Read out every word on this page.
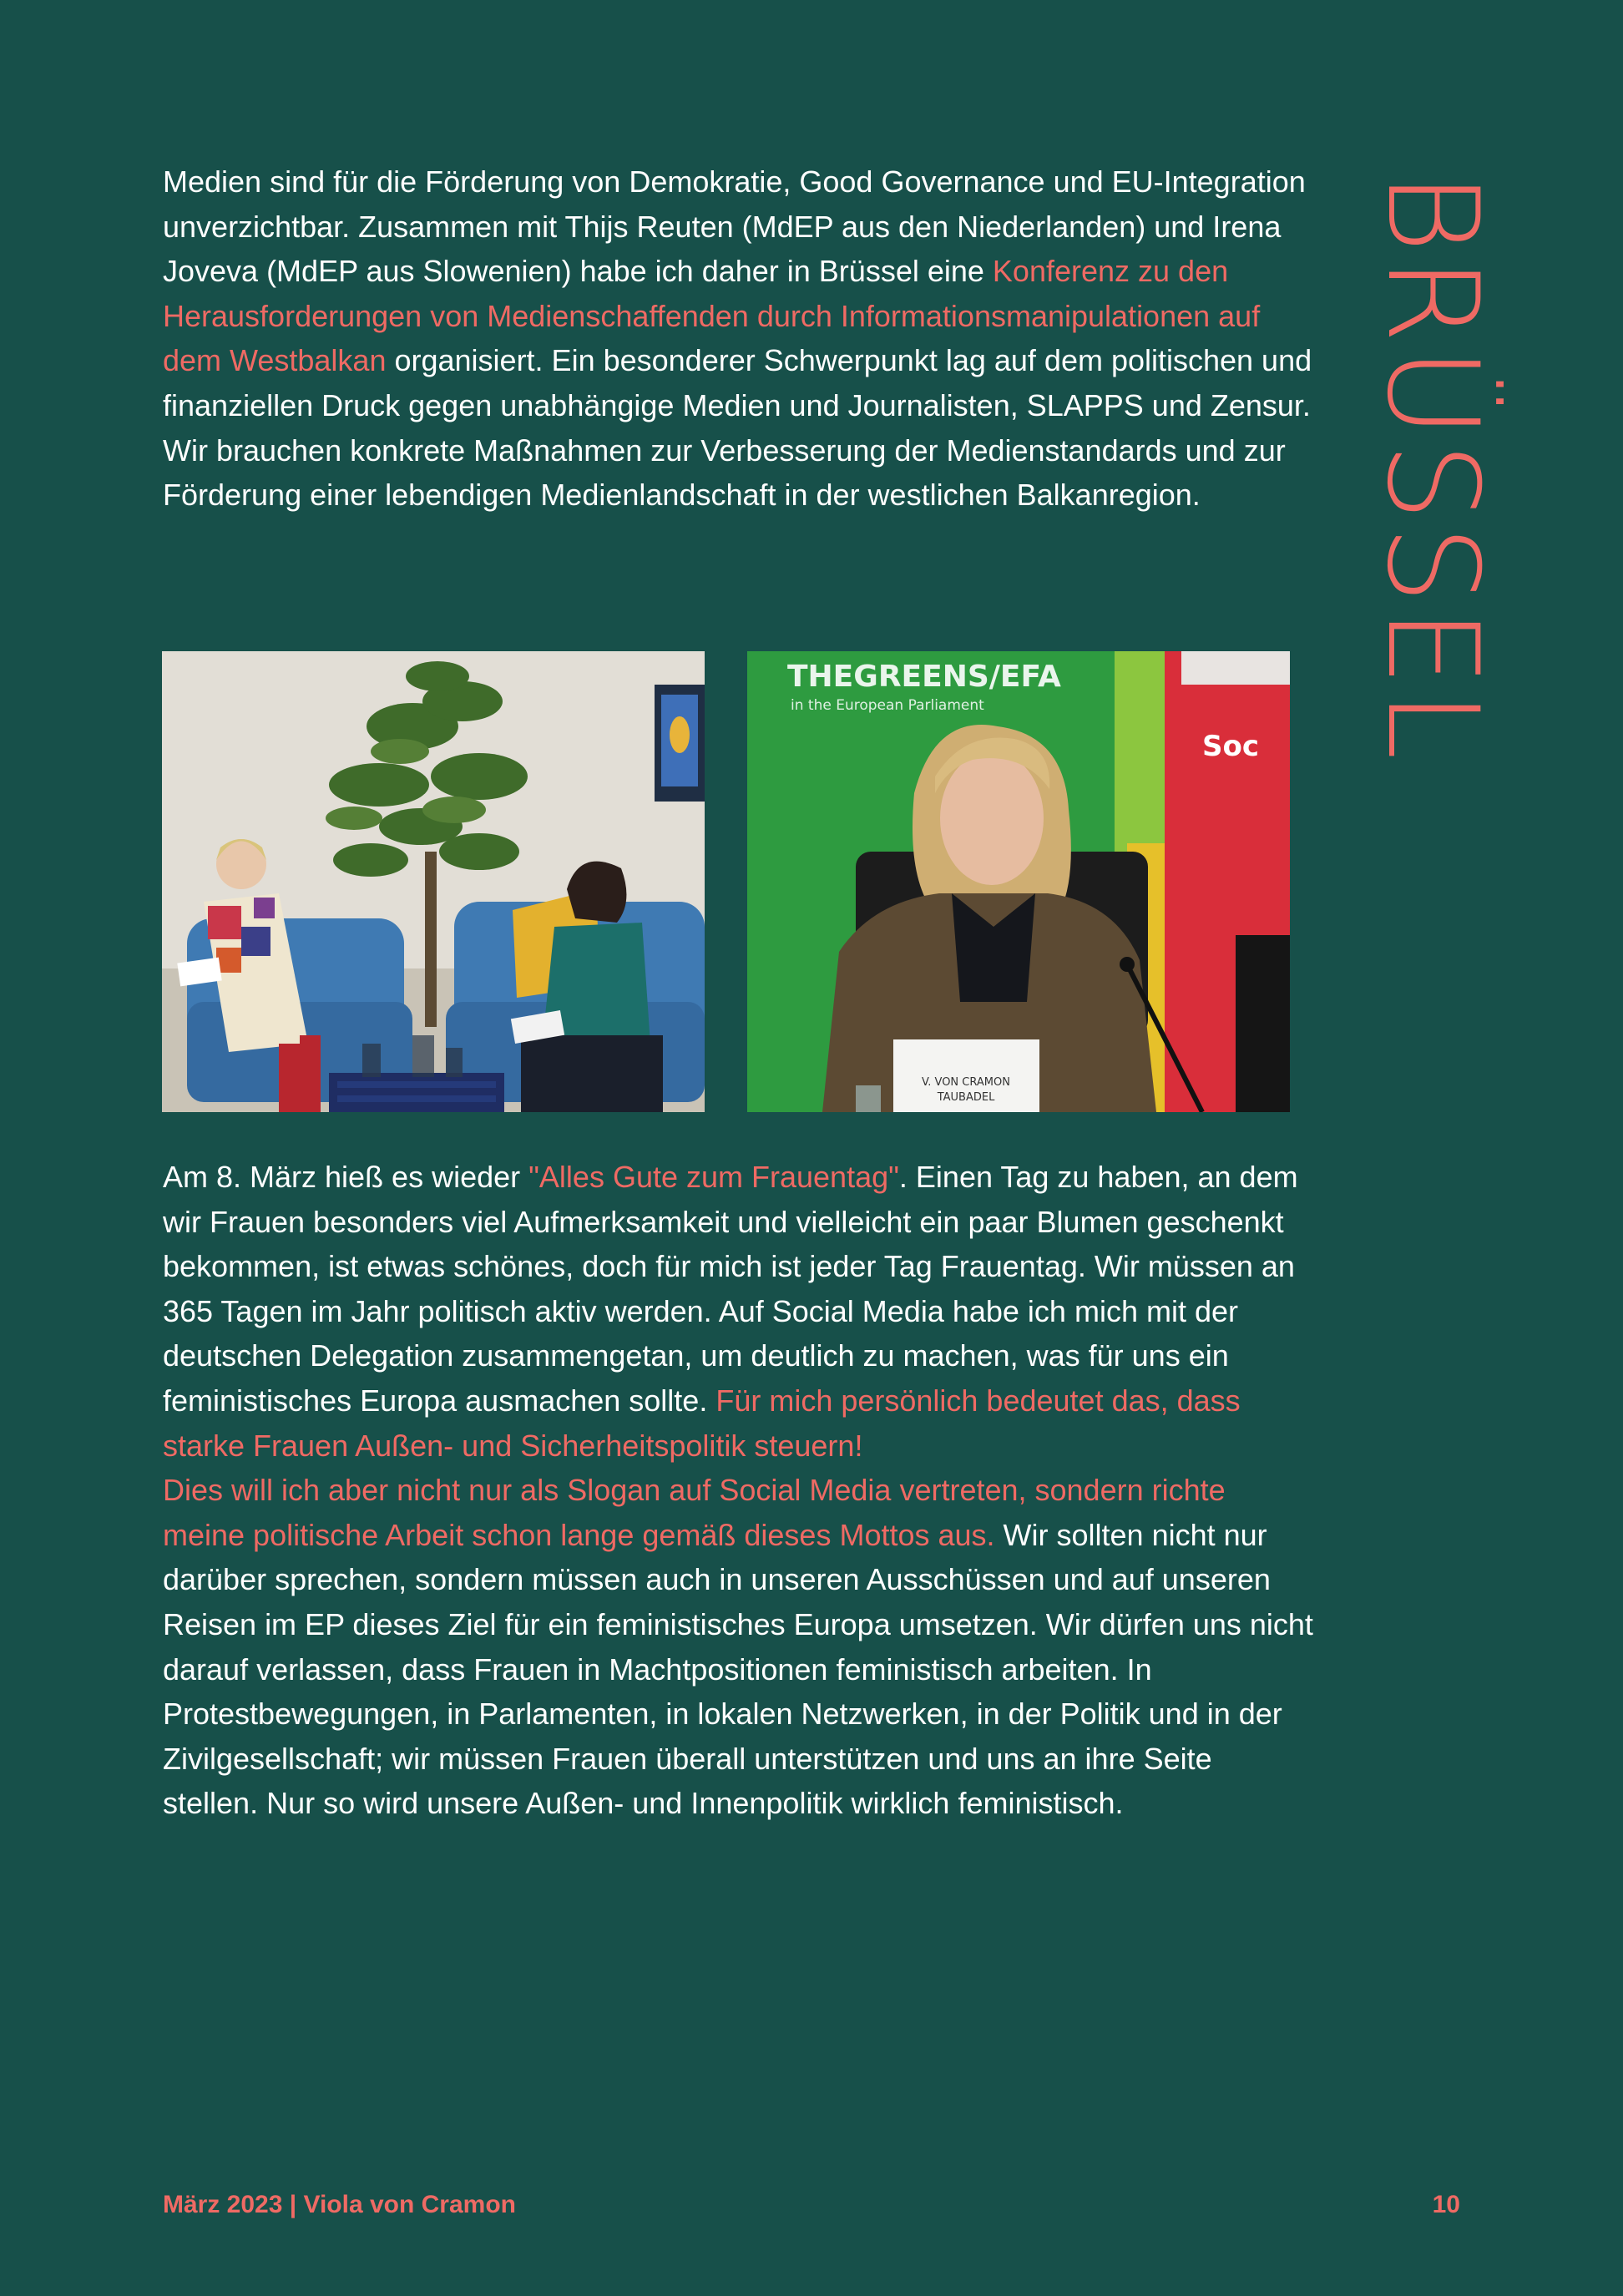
BRÜSSEL

Medien sind für die Förderung von Demokratie, Good Governance und EU-Integration unverzichtbar. Zusammen mit Thijs Reuten (MdEP aus den Niederlanden) und Irena Joveva (MdEP aus Slowenien) habe ich daher in Brüssel eine Konferenz zu den Herausforderungen von Medienschaffenden durch Informationsmanipulationen auf dem Westbalkan organisiert. Ein besonderer Schwerpunkt lag auf dem politischen und finanziellen Druck gegen unabhängige Medien und Journalisten, SLAPPS und Zensur. Wir brauchen konkrete Maßnahmen zur Verbesserung der Medienstandards und zur Förderung einer lebendigen Medienlandschaft in der westlichen Balkanregion.

Soc
THEGREENS/EFA
in the European Parliament
V. VON CRAMON
TAUBADEL

Am 8. März hieß es wieder "Alles Gute zum Frauentag". Einen Tag zu haben, an dem wir Frauen besonders viel Aufmerksamkeit und vielleicht ein paar Blumen geschenkt bekommen, ist etwas schönes, doch für mich ist jeder Tag Frauentag. Wir müssen an 365 Tagen im Jahr politisch aktiv werden. Auf Social Media habe ich mich mit der deutschen Delegation zusammengetan, um deutlich zu machen, was für uns ein feministisches Europa ausmachen sollte. Für mich persönlich bedeutet das, dass starke Frauen Außen- und Sicherheitspolitik steuern!
Dies will ich aber nicht nur als Slogan auf Social Media vertreten, sondern richte meine politische Arbeit schon lange gemäß dieses Mottos aus. Wir sollten nicht nur darüber sprechen, sondern müssen auch in unseren Ausschüssen und auf unseren Reisen im EP dieses Ziel für ein feministisches Europa umsetzen. Wir dürfen uns nicht darauf verlassen, dass Frauen in Machtpositionen feministisch arbeiten. In Protestbewegungen, in Parlamenten, in lokalen Netzwerken, in der Politik und in der Zivilgesellschaft; wir müssen Frauen überall unterstützen und uns an ihre Seite stellen. Nur so wird unsere Außen- und Innenpolitik wirklich feministisch.

März 2023 | Viola von Cramon	10
